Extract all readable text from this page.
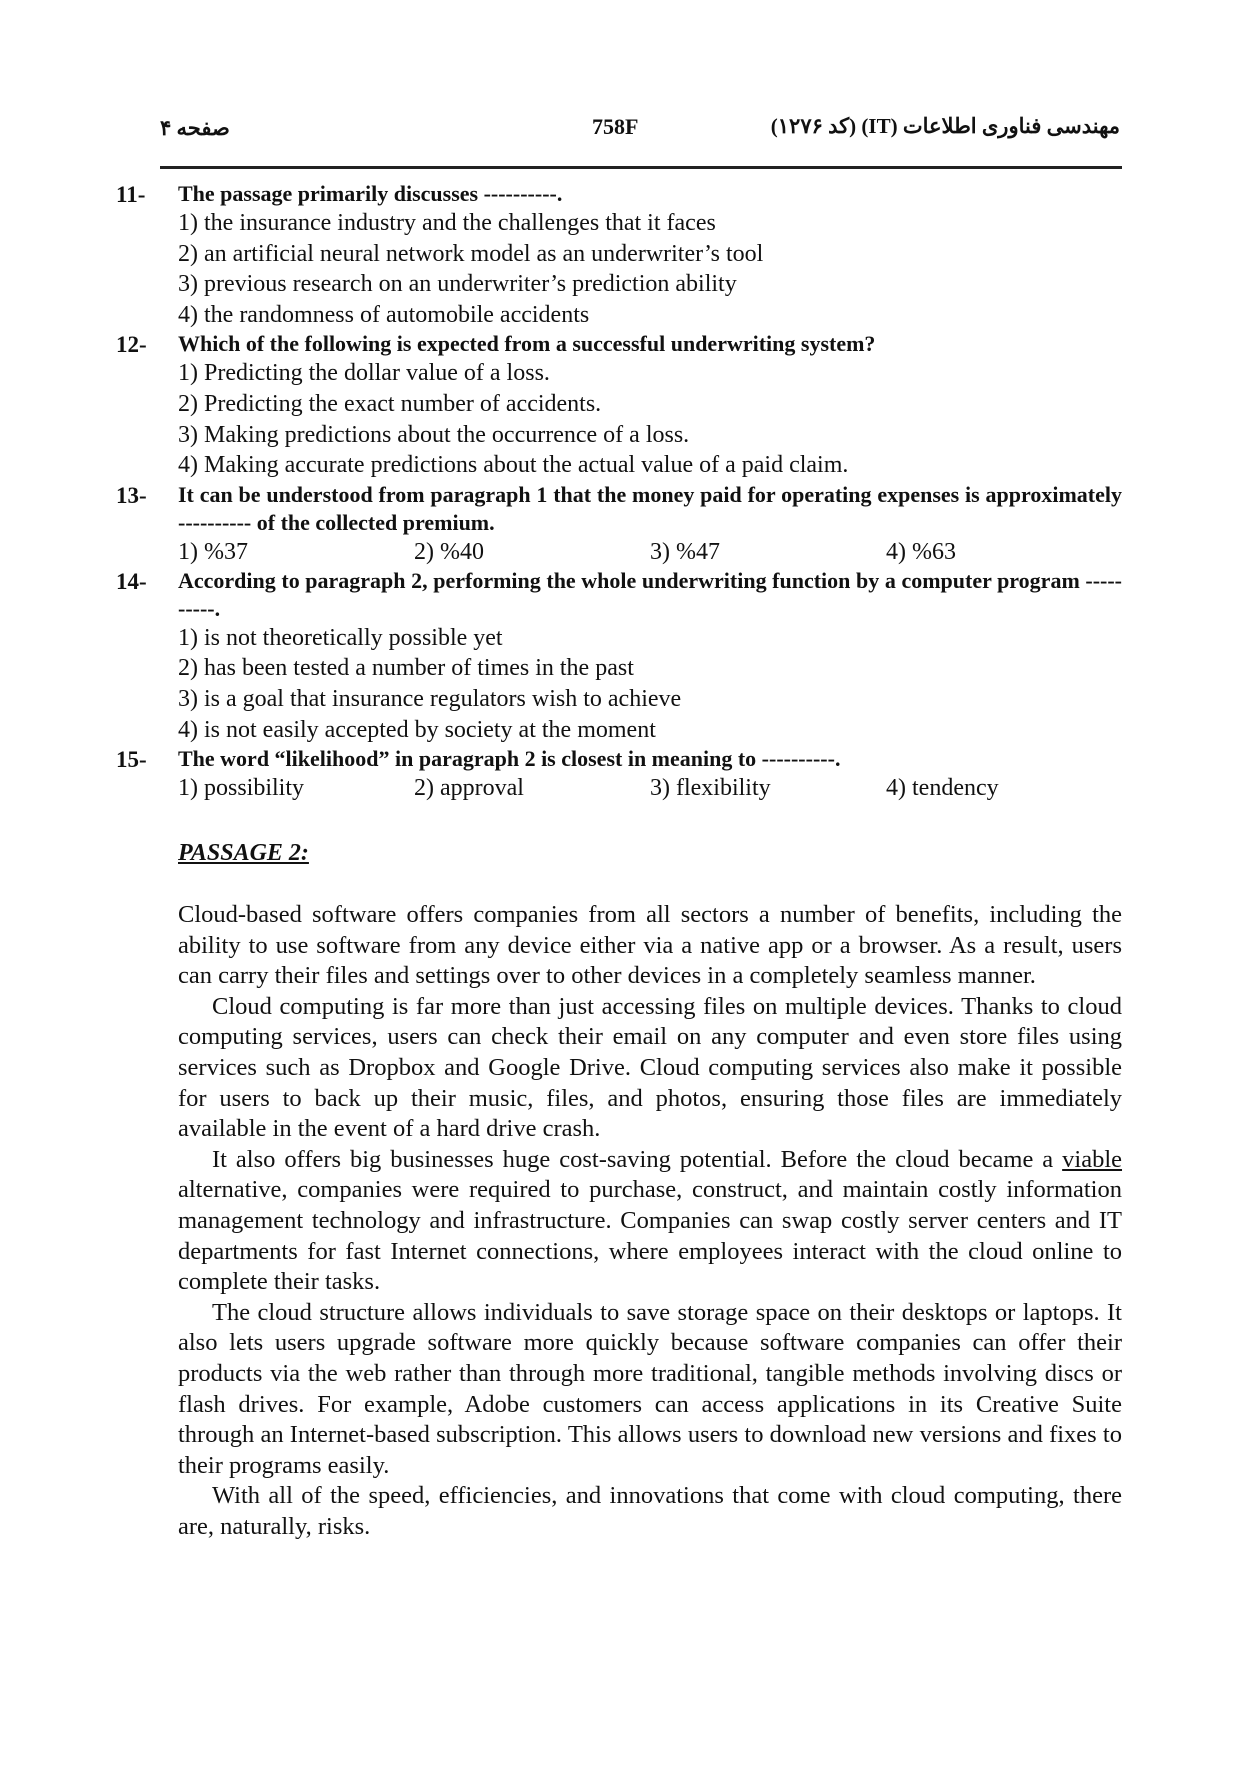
صفحه ۴	758F	مهندسی فناوری اطلاعات (IT) (کد ۱۲۷۶)
11- The passage primarily discusses ----------.
1) the insurance industry and the challenges that it faces
2) an artificial neural network model as an underwriter’s tool
3) previous research on an underwriter’s prediction ability
4) the randomness of automobile accidents
12- Which of the following is expected from a successful underwriting system?
1) Predicting the dollar value of a loss.
2) Predicting the exact number of accidents.
3) Making predictions about the occurrence of a loss.
4) Making accurate predictions about the actual value of a paid claim.
13- It can be understood from paragraph 1 that the money paid for operating expenses is approximately ---------- of the collected premium.
1) %37	2) %40	3) %47	4) %63
14- According to paragraph 2, performing the whole underwriting function by a computer program ----------.
1) is not theoretically possible yet
2) has been tested a number of times in the past
3) is a goal that insurance regulators wish to achieve
4) is not easily accepted by society at the moment
15- The word “likelihood” in paragraph 2 is closest in meaning to ----------.
1) possibility	2) approval	3) flexibility	4) tendency
PASSAGE 2:

Cloud-based software offers companies from all sectors a number of benefits, including the ability to use software from any device either via a native app or a browser. As a result, users can carry their files and settings over to other devices in a completely seamless manner.

Cloud computing is far more than just accessing files on multiple devices. Thanks to cloud computing services, users can check their email on any computer and even store files using services such as Dropbox and Google Drive. Cloud computing services also make it possible for users to back up their music, files, and photos, ensuring those files are immediately available in the event of a hard drive crash.

It also offers big businesses huge cost-saving potential. Before the cloud became a viable alternative, companies were required to purchase, construct, and maintain costly information management technology and infrastructure. Companies can swap costly server centers and IT departments for fast Internet connections, where employees interact with the cloud online to complete their tasks.

The cloud structure allows individuals to save storage space on their desktops or laptops. It also lets users upgrade software more quickly because software companies can offer their products via the web rather than through more traditional, tangible methods involving discs or flash drives. For example, Adobe customers can access applications in its Creative Suite through an Internet-based subscription. This allows users to download new versions and fixes to their programs easily.

With all of the speed, efficiencies, and innovations that come with cloud computing, there are, naturally, risks.
